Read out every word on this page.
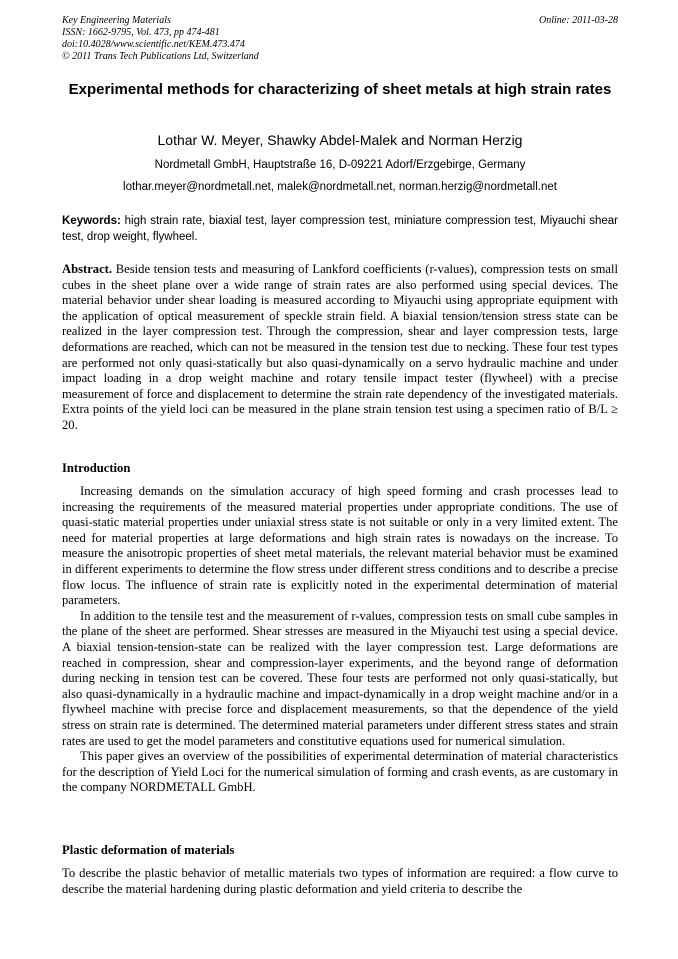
Key Engineering Materials
ISSN: 1662-9795, Vol. 473, pp 474-481
doi:10.4028/www.scientific.net/KEM.473.474
© 2011 Trans Tech Publications Ltd, Switzerland
Online: 2011-03-28
Experimental methods for characterizing of sheet metals at high strain rates
Lothar W. Meyer, Shawky Abdel-Malek and Norman Herzig
Nordmetall GmbH, Hauptstraße 16, D-09221 Adorf/Erzgebirge, Germany
lothar.meyer@nordmetall.net, malek@nordmetall.net, norman.herzig@nordmetall.net
Keywords: high strain rate, biaxial test, layer compression test, miniature compression test, Miyauchi shear test, drop weight, flywheel.
Abstract. Beside tension tests and measuring of Lankford coefficients (r-values), compression tests on small cubes in the sheet plane over a wide range of strain rates are also performed using special devices. The material behavior under shear loading is measured according to Miyauchi using appropriate equipment with the application of optical measurement of speckle strain field. A biaxial tension/tension stress state can be realized in the layer compression test. Through the compression, shear and layer compression tests, large deformations are reached, which can not be measured in the tension test due to necking. These four test types are performed not only quasi-statically but also quasi-dynamically on a servo hydraulic machine and under impact loading in a drop weight machine and rotary tensile impact tester (flywheel) with a precise measurement of force and displacement to determine the strain rate dependency of the investigated materials. Extra points of the yield loci can be measured in the plane strain tension test using a specimen ratio of B/L ≥ 20.
Introduction

Increasing demands on the simulation accuracy of high speed forming and crash processes lead to increasing the requirements of the measured material properties under appropriate conditions. The use of quasi-static material properties under uniaxial stress state is not suitable or only in a very limited extent. The need for material properties at large deformations and high strain rates is nowadays on the increase. To measure the anisotropic properties of sheet metal materials, the relevant material behavior must be examined in different experiments to determine the flow stress under different stress conditions and to describe a precise flow locus. The influence of strain rate is explicitly noted in the experimental determination of material parameters.

In addition to the tensile test and the measurement of r-values, compression tests on small cube samples in the plane of the sheet are performed. Shear stresses are measured in the Miyauchi test using a special device. A biaxial tension-tension-state can be realized with the layer compression test. Large deformations are reached in compression, shear and compression-layer experiments, and the beyond range of deformation during necking in tension test can be covered. These four tests are performed not only quasi-statically, but also quasi-dynamically in a hydraulic machine and impact-dynamically in a drop weight machine and/or in a flywheel machine with precise force and displacement measurements, so that the dependence of the yield stress on strain rate is determined. The determined material parameters under different stress states and strain rates are used to get the model parameters and constitutive equations used for numerical simulation.

This paper gives an overview of the possibilities of experimental determination of material characteristics for the description of Yield Loci for the numerical simulation of forming and crash events, as are customary in the company NORDMETALL GmbH.

Plastic deformation of materials

To describe the plastic behavior of metallic materials two types of information are required: a flow curve to describe the material hardening during plastic deformation and yield criteria to describe the
